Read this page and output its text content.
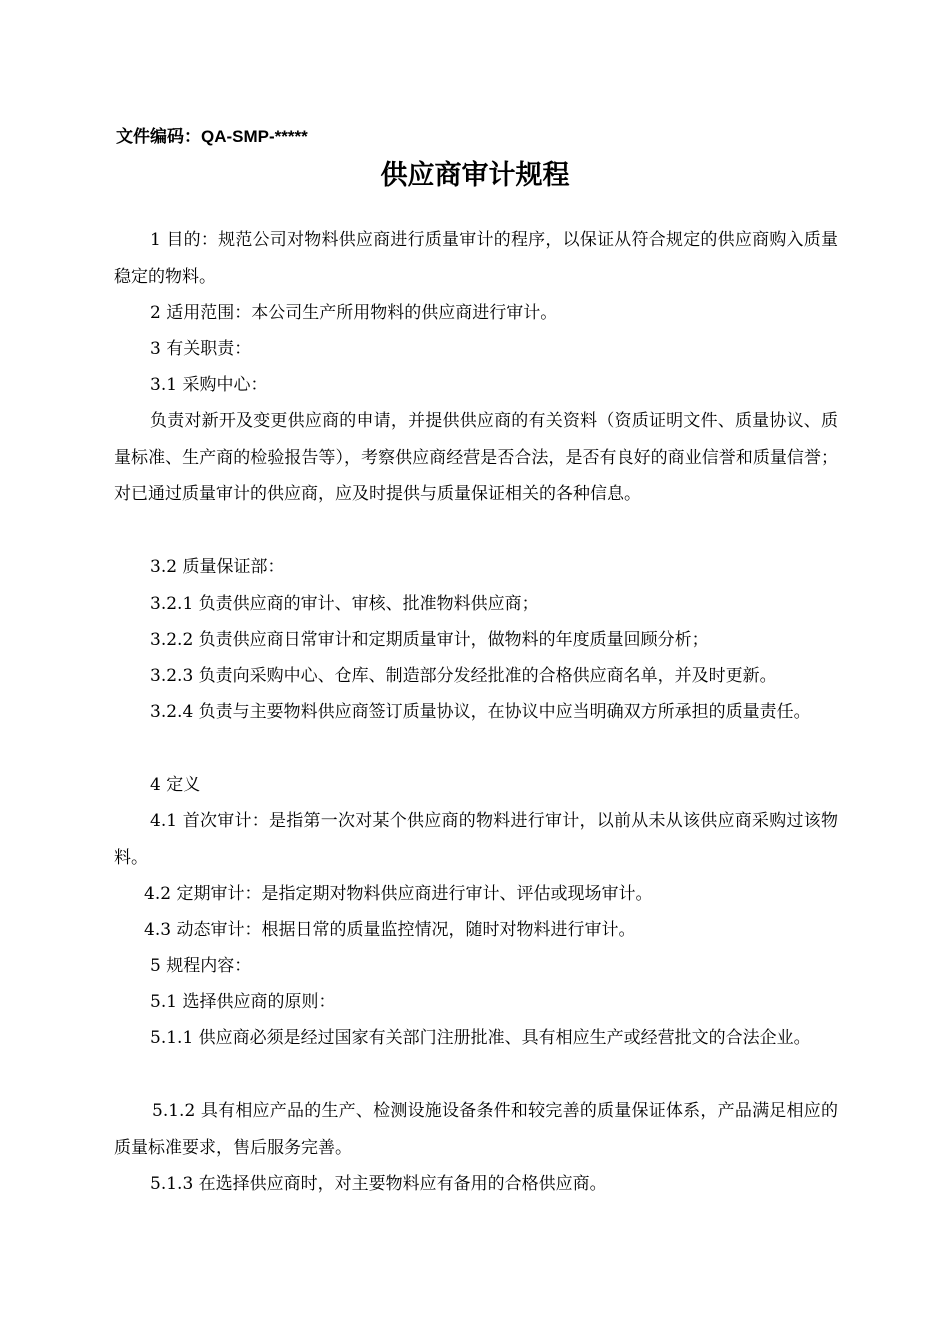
文件编码：QA-SMP-*****
供应商审计规程

1 目的：规范公司对物料供应商进行质量审计的程序，以保证从符合规定的供应商购入质量稳定的物料。

2 适用范围：本公司生产所用物料的供应商进行审计。

3 有关职责：

3.1 采购中心：

负责对新开及变更供应商的申请，并提供供应商的有关资料（资质证明文件、质量协议、质量标准、生产商的检验报告等），考察供应商经营是否合法，是否有良好的商业信誉和质量信誉；对已通过质量审计的供应商，应及时提供与质量保证相关的各种信息。

3.2 质量保证部：

3.2.1 负责供应商的审计、审核、批准物料供应商；

3.2.2 负责供应商日常审计和定期质量审计，做物料的年度质量回顾分析；

3.2.3 负责向采购中心、仓库、制造部分发经批准的合格供应商名单，并及时更新。

3.2.4 负责与主要物料供应商签订质量协议，在协议中应当明确双方所承担的质量责任。

4 定义

4.1 首次审计：是指第一次对某个供应商的物料进行审计，以前从未从该供应商采购过该物料。

4.2 定期审计：是指定期对物料供应商进行审计、评估或现场审计。

4.3 动态审计：根据日常的质量监控情况，随时对物料进行审计。

5 规程内容：

5.1 选择供应商的原则：

5.1.1 供应商必须是经过国家有关部门注册批准、具有相应生产或经营批文的合法企业。

5.1.2 具有相应产品的生产、检测设施设备条件和较完善的质量保证体系，产品满足相应的质量标准要求，售后服务完善。

5.1.3 在选择供应商时，对主要物料应有备用的合格供应商。
